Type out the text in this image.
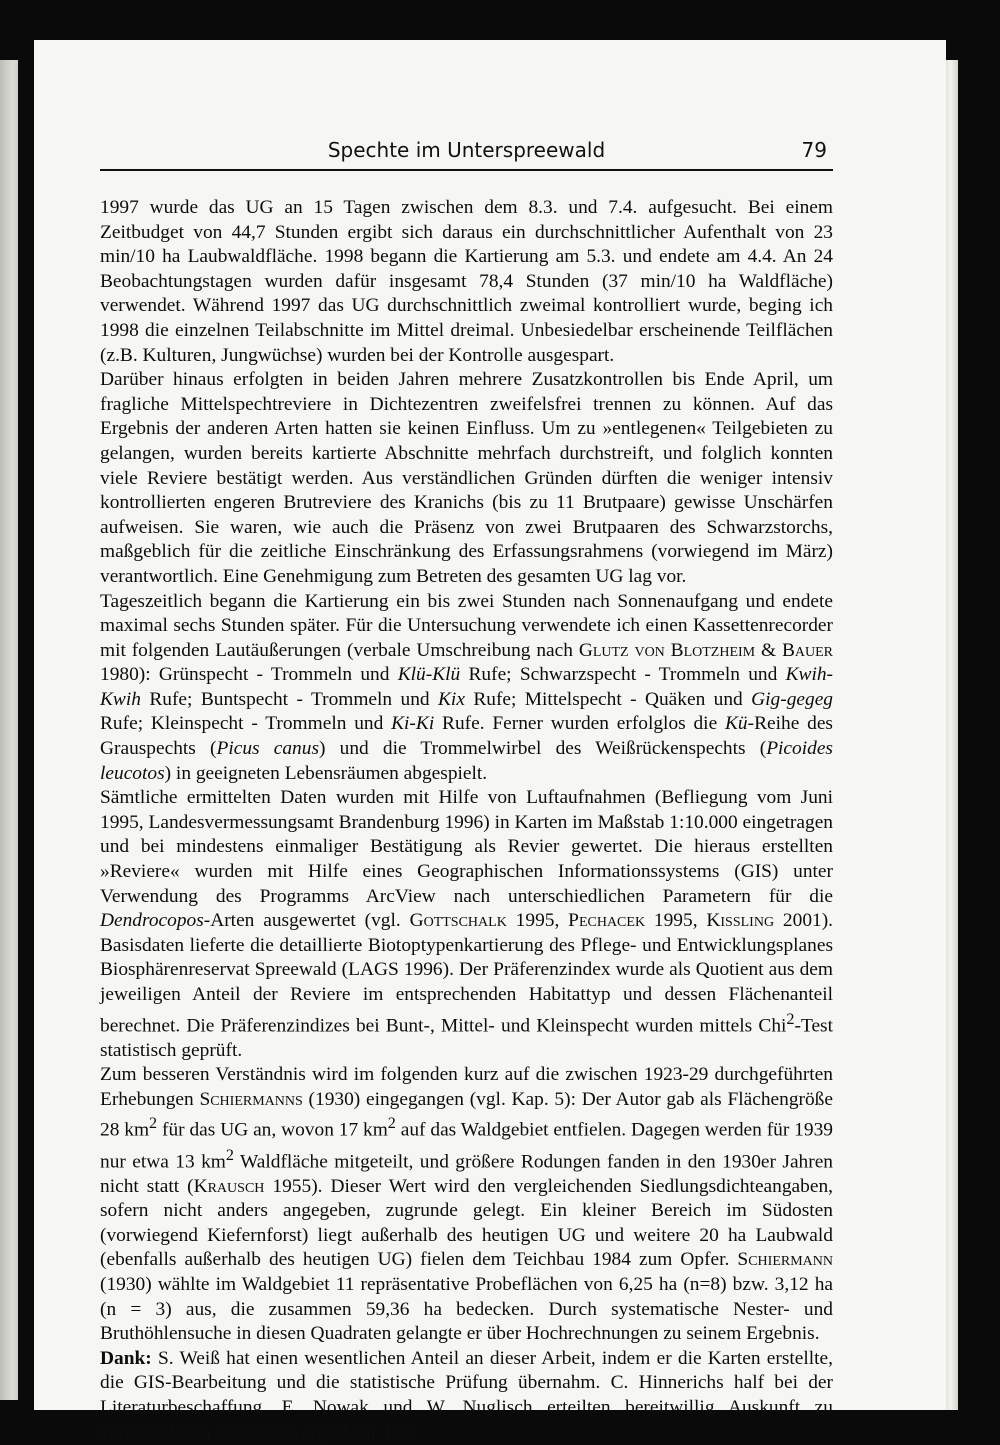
Spechte im Unterspreewald	79

1997 wurde das UG an 15 Tagen zwischen dem 8.3. und 7.4. aufgesucht. Bei einem Zeitbudget von 44,7 Stunden ergibt sich daraus ein durchschnittlicher Aufenthalt von 23 min/10 ha Laubwaldfläche. 1998 begann die Kartierung am 5.3. und endete am 4.4. An 24 Beobachtungstagen wurden dafür insgesamt 78,4 Stunden (37 min/10 ha Waldfläche) verwendet. Während 1997 das UG durchschnittlich zweimal kontrolliert wurde, beging ich 1998 die einzelnen Teilabschnitte im Mittel dreimal. Unbesiedelbar erscheinende Teilflächen (z.B. Kulturen, Jungwüchse) wurden bei der Kontrolle ausgespart.

Darüber hinaus erfolgten in beiden Jahren mehrere Zusatzkontrollen bis Ende April, um fragliche Mittelspechtreviere in Dichtezentren zweifelsfrei trennen zu können. Auf das Ergebnis der anderen Arten hatten sie keinen Einfluss. Um zu »entlegenen« Teilgebieten zu gelangen, wurden bereits kartierte Abschnitte mehrfach durchstreift, und folglich konnten viele Reviere bestätigt werden. Aus verständlichen Gründen dürften die weniger intensiv kontrollierten engeren Brutreviere des Kranichs (bis zu 11 Brutpaare) gewisse Unschärfen aufweisen. Sie waren, wie auch die Präsenz von zwei Brutpaaren des Schwarzstorchs, maßgeblich für die zeitliche Einschränkung des Erfassungsrahmens (vorwiegend im März) verantwortlich. Eine Genehmigung zum Betreten des gesamten UG lag vor.

Tageszeitlich begann die Kartierung ein bis zwei Stunden nach Sonnenaufgang und endete maximal sechs Stunden später. Für die Untersuchung verwendete ich einen Kassettenrecorder mit folgenden Lautäußerungen (verbale Umschreibung nach Glutz von Blotzheim & Bauer 1980): Grünspecht - Trommeln und Klü-Klü Rufe; Schwarzspecht - Trommeln und Kwih-Kwih Rufe; Buntspecht - Trommeln und Kix Rufe; Mittelspecht - Quäken und Gig-gegeg Rufe; Kleinspecht - Trommeln und Ki-Ki Rufe. Ferner wurden erfolglos die Kü-Reihe des Grauspechts (Picus canus) und die Trommelwirbel des Weißrückenspechts (Picoides leucotos) in geeigneten Lebensräumen abgespielt.

Sämtliche ermittelten Daten wurden mit Hilfe von Luftaufnahmen (Befliegung vom Juni 1995, Landesvermessungsamt Brandenburg 1996) in Karten im Maßstab 1:10.000 eingetragen und bei mindestens einmaliger Bestätigung als Revier gewertet. Die hieraus erstellten »Reviere« wurden mit Hilfe eines Geographischen Informationssystems (GIS) unter Verwendung des Programms ArcView nach unterschiedlichen Parametern für die Dendrocopos-Arten ausgewertet (vgl. Gottschalk 1995, Pechacek 1995, Kissling 2001). Basisdaten lieferte die detaillierte Biotoptypenkartierung des Pflege- und Entwicklungsplanes Biosphärenreservat Spreewald (LAGS 1996). Der Präferenzindex wurde als Quotient aus dem jeweiligen Anteil der Reviere im entsprechenden Habitattyp und dessen Flächenanteil berechnet. Die Präferenzindizes bei Bunt-, Mittel- und Kleinspecht wurden mittels Chi$^2$-Test statistisch geprüft.

Zum besseren Verständnis wird im folgenden kurz auf die zwischen 1923-29 durchgeführten Erhebungen Schiermanns (1930) eingegangen (vgl. Kap. 5): Der Autor gab als Flächengröße 28 $km^2$ für das UG an, wovon 17 $km^2$ auf das Waldgebiet entfielen. Dagegen werden für 1939 nur etwa 13 $km^2$ Waldfläche mitgeteilt, und größere Rodungen fanden in den 1930er Jahren nicht statt (Krausch 1955). Dieser Wert wird den vergleichenden Siedlungsdichteangaben, sofern nicht anders angegeben, zugrunde gelegt. Ein kleiner Bereich im Südosten (vorwiegend Kiefernforst) liegt außerhalb des heutigen UG und weitere 20 ha Laubwald (ebenfalls außerhalb des heutigen UG) fielen dem Teichbau 1984 zum Opfer. Schiermann (1930) wählte im Waldgebiet 11 repräsentative Probeflächen von 6,25 ha (n=8) bzw. 3,12 ha (n = 3) aus, die zusammen 59,36 ha bedecken. Durch systematische Nester- und Bruthöhlensuche in diesen Quadraten gelangte er über Hochrechnungen zu seinem Ergebnis.

Dank: S. Weiß hat einen wesentlichen Anteil an dieser Arbeit, indem er die Karten erstellte, die GIS-Bearbeitung und die statistische Prüfung übernahm. C. Hinnerichs half bei der Literaturbeschaffung. E. Nowak und W. Nuglisch erteilten bereitwillig Auskunft zu verschiedenen forstlichen Aspekten. Das
